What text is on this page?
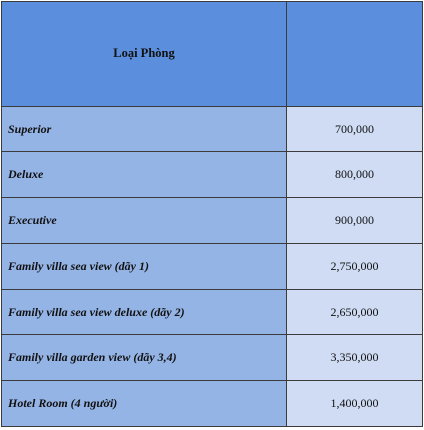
Loại Phòng	
Superior	700,000
Deluxe	800,000
Executive	900,000
Family villa sea view (dãy 1)	2,750,000
Family villa sea view deluxe (dãy 2)	2,650,000
Family villa garden view (dãy 3,4)	3,350,000
Hotel Room (4 người)	1,400,000
